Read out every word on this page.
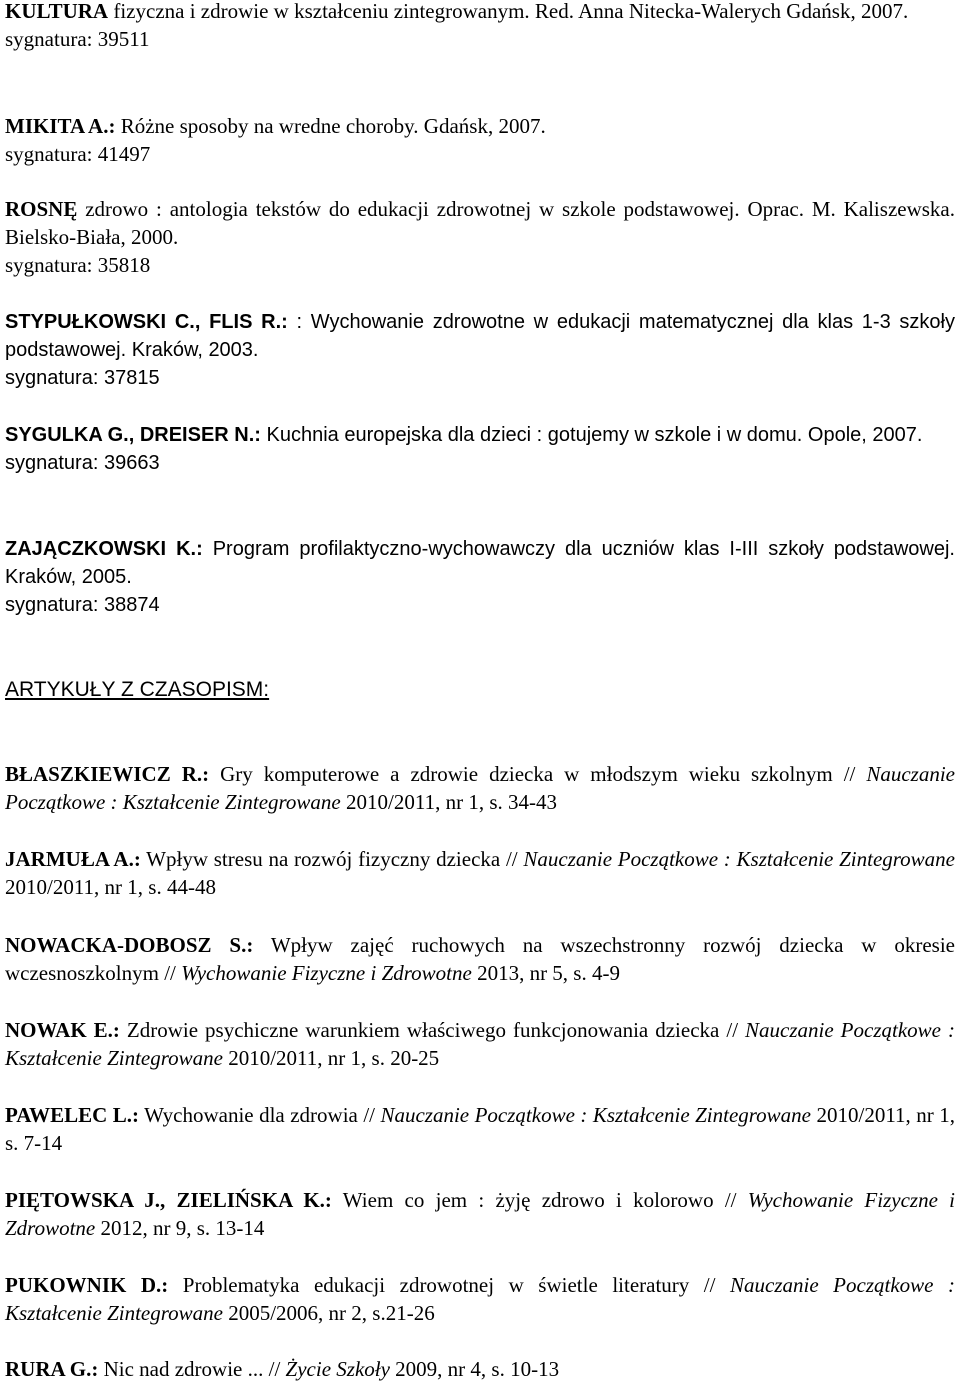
KULTURA fizyczna i zdrowie w kształceniu zintegrowanym. Red. Anna Nitecka-Walerych Gdańsk, 2007.
sygnatura: 39511

MIKITA A.: Różne sposoby na wredne choroby. Gdańsk, 2007.
sygnatura: 41497

ROSNĘ zdrowo : antologia tekstów do edukacji zdrowotnej w szkole podstawowej. Oprac. M. Kaliszewska. Bielsko-Biała, 2000.
sygnatura: 35818

STYPUŁKOWSKI C., FLIS R.: : Wychowanie zdrowotne w edukacji matematycznej dla klas 1-3 szkoły podstawowej. Kraków, 2003.
sygnatura: 37815

SYGULKA G., DREISER N.: Kuchnia europejska dla dzieci : gotujemy w szkole i w domu. Opole, 2007.
sygnatura: 39663

ZAJĄCZKOWSKI K.: Program profilaktyczno-wychowawczy dla uczniów klas I-III szkoły podstawowej. Kraków, 2005.
sygnatura: 38874

ARTYKUŁY Z CZASOPISM:

BŁASZKIEWICZ R.: Gry komputerowe a zdrowie dziecka w młodszym wieku szkolnym // Nauczanie Początkowe : Kształcenie Zintegrowane 2010/2011, nr 1, s. 34-43

JARMUŁA A.: Wpływ stresu na rozwój fizyczny dziecka // Nauczanie Początkowe : Kształcenie Zintegrowane 2010/2011, nr 1, s. 44-48

NOWACKA-DOBOSZ S.: Wpływ zajęć ruchowych na wszechstronny rozwój dziecka w okresie wczesnoszkolnym // Wychowanie Fizyczne i Zdrowotne 2013, nr 5, s. 4-9

NOWAK E.: Zdrowie psychiczne warunkiem właściwego funkcjonowania dziecka // Nauczanie Początkowe : Kształcenie Zintegrowane 2010/2011, nr 1, s. 20-25

PAWELEC L.: Wychowanie dla zdrowia // Nauczanie Początkowe : Kształcenie Zintegrowane 2010/2011, nr 1, s. 7-14

PIĘTOWSKA J., ZIELIŃSKA K.: Wiem co jem : żyję zdrowo i kolorowo // Wychowanie Fizyczne i Zdrowotne 2012, nr 9, s. 13-14

PUKOWNIK D.: Problematyka edukacji zdrowotnej w świetle literatury // Nauczanie Początkowe : Kształcenie Zintegrowane 2005/2006, nr 2, s.21-26

RURA G.: Nic nad zdrowie ... // Życie Szkoły 2009, nr 4, s. 10-13
